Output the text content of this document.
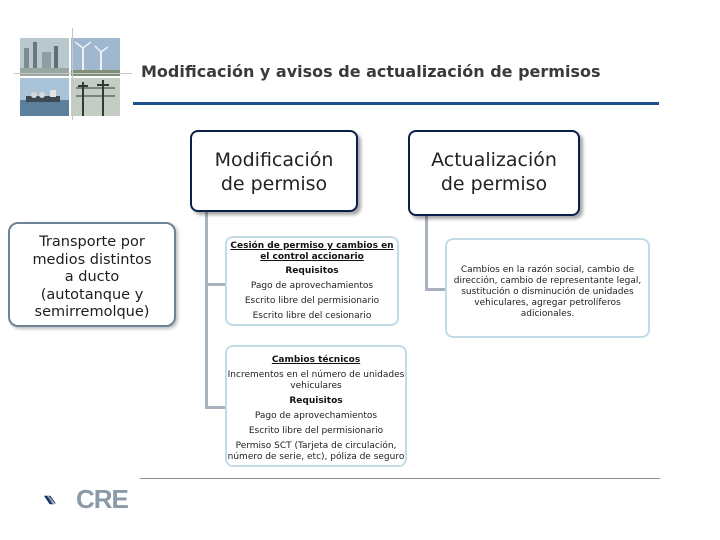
Modificación y avisos de actualización de permisos
Modificación
de permiso
Actualización
de permiso
Transporte por
medios distintos
a ducto
(autotanque y
semirremolque)
Cesión de permiso y cambios en
el control accionario
Requisitos
Pago de aprovechamientos
Escrito libre del permisionario
Escrito libre del cesionario
Cambios técnicos
Incrementos en el número de unidades
vehiculares
Requisitos
Pago de aprovechamientos
Escrito libre del permisionario
Permiso SCT (Tarjeta de circulación,
número de serie, etc), póliza de seguro
Cambios en la razón social, cambio de
dirección, cambio de representante legal,
sustitución o disminución de unidades
vehiculares, agregar petrolíferos adicionales.
CRE
